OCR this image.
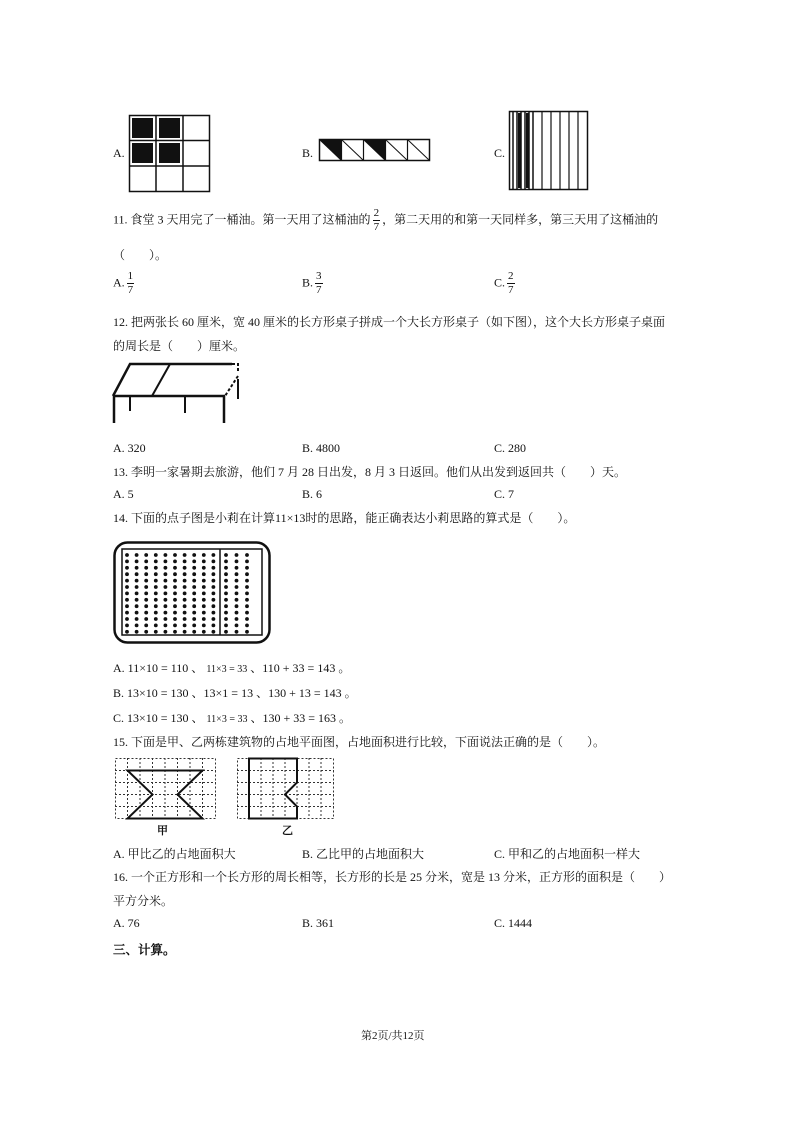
A.	B.	C.
11. 食堂 3 天用完了一桶油。第一天用了这桶油的 $\frac{2}{7}$ ，第二天用的和第一天同样多，第三天用了这桶油的
（　　）。
A. $\frac{1}{7}$	B. $\frac{3}{7}$	C. $\frac{2}{7}$
12. 把两张长 60 厘米，宽 40 厘米的长方形桌子拼成一个大长方形桌子（如下图），这个大长方形桌子桌面
的周长是（　　）厘米。
A. 320	B. 4800	C. 280
13. 李明一家暑期去旅游，他们 7 月 28 日出发，8 月 3 日返回。他们从出发到返回共（　　）天。
A. 5	B. 6	C. 7
14. 下面的点子图是小莉在计算11×13时的思路，能正确表达小莉思路的算式是（　　）。
A. 11×10 = 110 、 11×3 = 33 、110 + 33 = 143 。
B. 13×10 = 130 、13×1 = 13 、130 + 13 = 143 。
C. 13×10 = 130 、 11×3 = 33 、130 + 33 = 163 。
15. 下面是甲、乙两栋建筑物的占地平面图，占地面积进行比较，下面说法正确的是（　　）。
甲	乙
A. 甲比乙的占地面积大	B. 乙比甲的占地面积大	C. 甲和乙的占地面积一样大
16. 一个正方形和一个长方形的周长相等，长方形的长是 25 分米，宽是 13 分米，正方形的面积是（　　）
平方分米。
A. 76	B. 361	C. 1444
三、计算。
第2页/共12页
